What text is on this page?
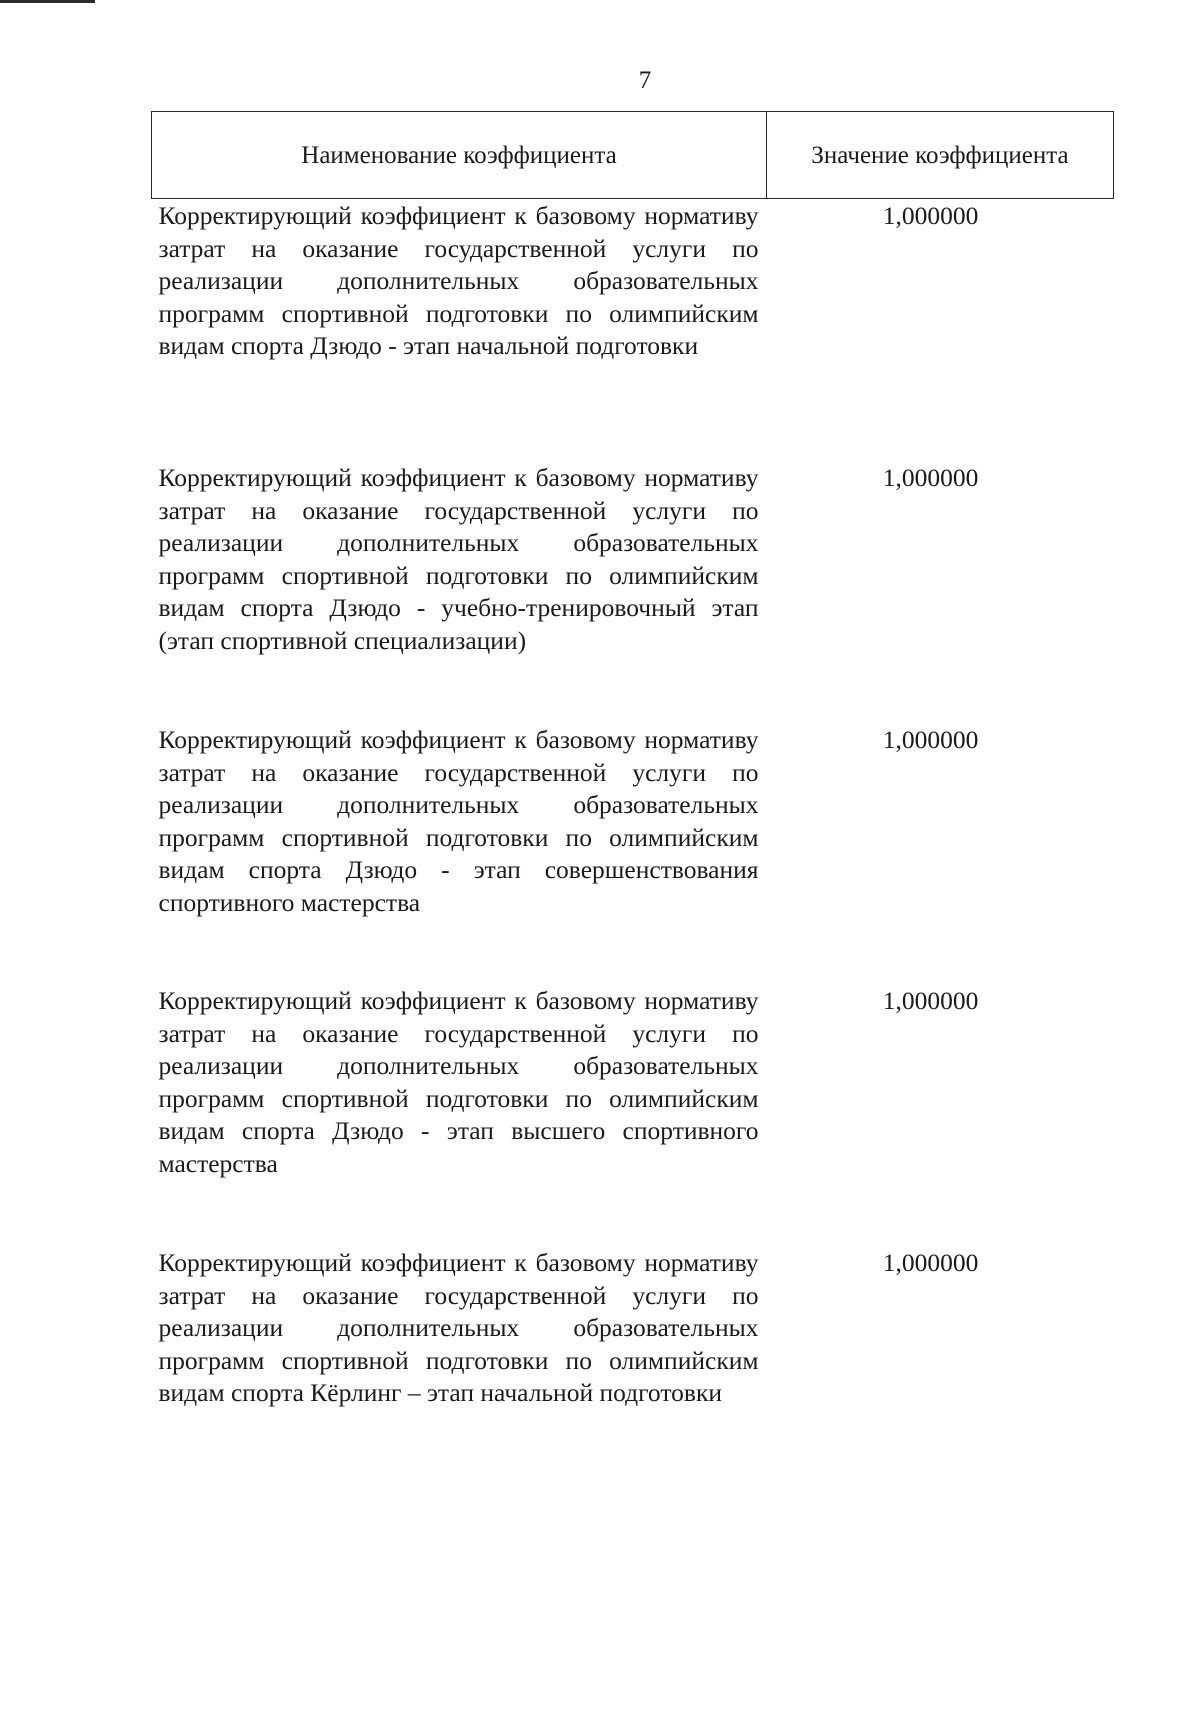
7
Наименование коэффициента	Значение коэффициента
Корректирующий коэффициент к базовому нормативу затрат на оказание государственной услуги по реализации дополнительных образовательных программ спортивной подготовки по олимпийским видам спорта Дзюдо - этап начальной подготовки	1,000000
Корректирующий коэффициент к базовому нормативу затрат на оказание государственной услуги по реализации дополнительных образовательных программ спортивной подготовки по олимпийским видам спорта Дзюдо - учебно-тренировочный этап (этап спортивной специализации)	1,000000
Корректирующий коэффициент к базовому нормативу затрат на оказание государственной услуги по реализации дополнительных образовательных программ спортивной подготовки по олимпийским видам спорта Дзюдо - этап совершенствования спортивного мастерства	1,000000
Корректирующий коэффициент к базовому нормативу затрат на оказание государственной услуги по реализации дополнительных образовательных программ спортивной подготовки по олимпийским видам спорта Дзюдо - этап высшего спортивного мастерства	1,000000
Корректирующий коэффициент к базовому нормативу затрат на оказание государственной услуги по реализации дополнительных образовательных программ спортивной подготовки по олимпийским видам спорта Кёрлинг – этап начальной подготовки	1,000000
